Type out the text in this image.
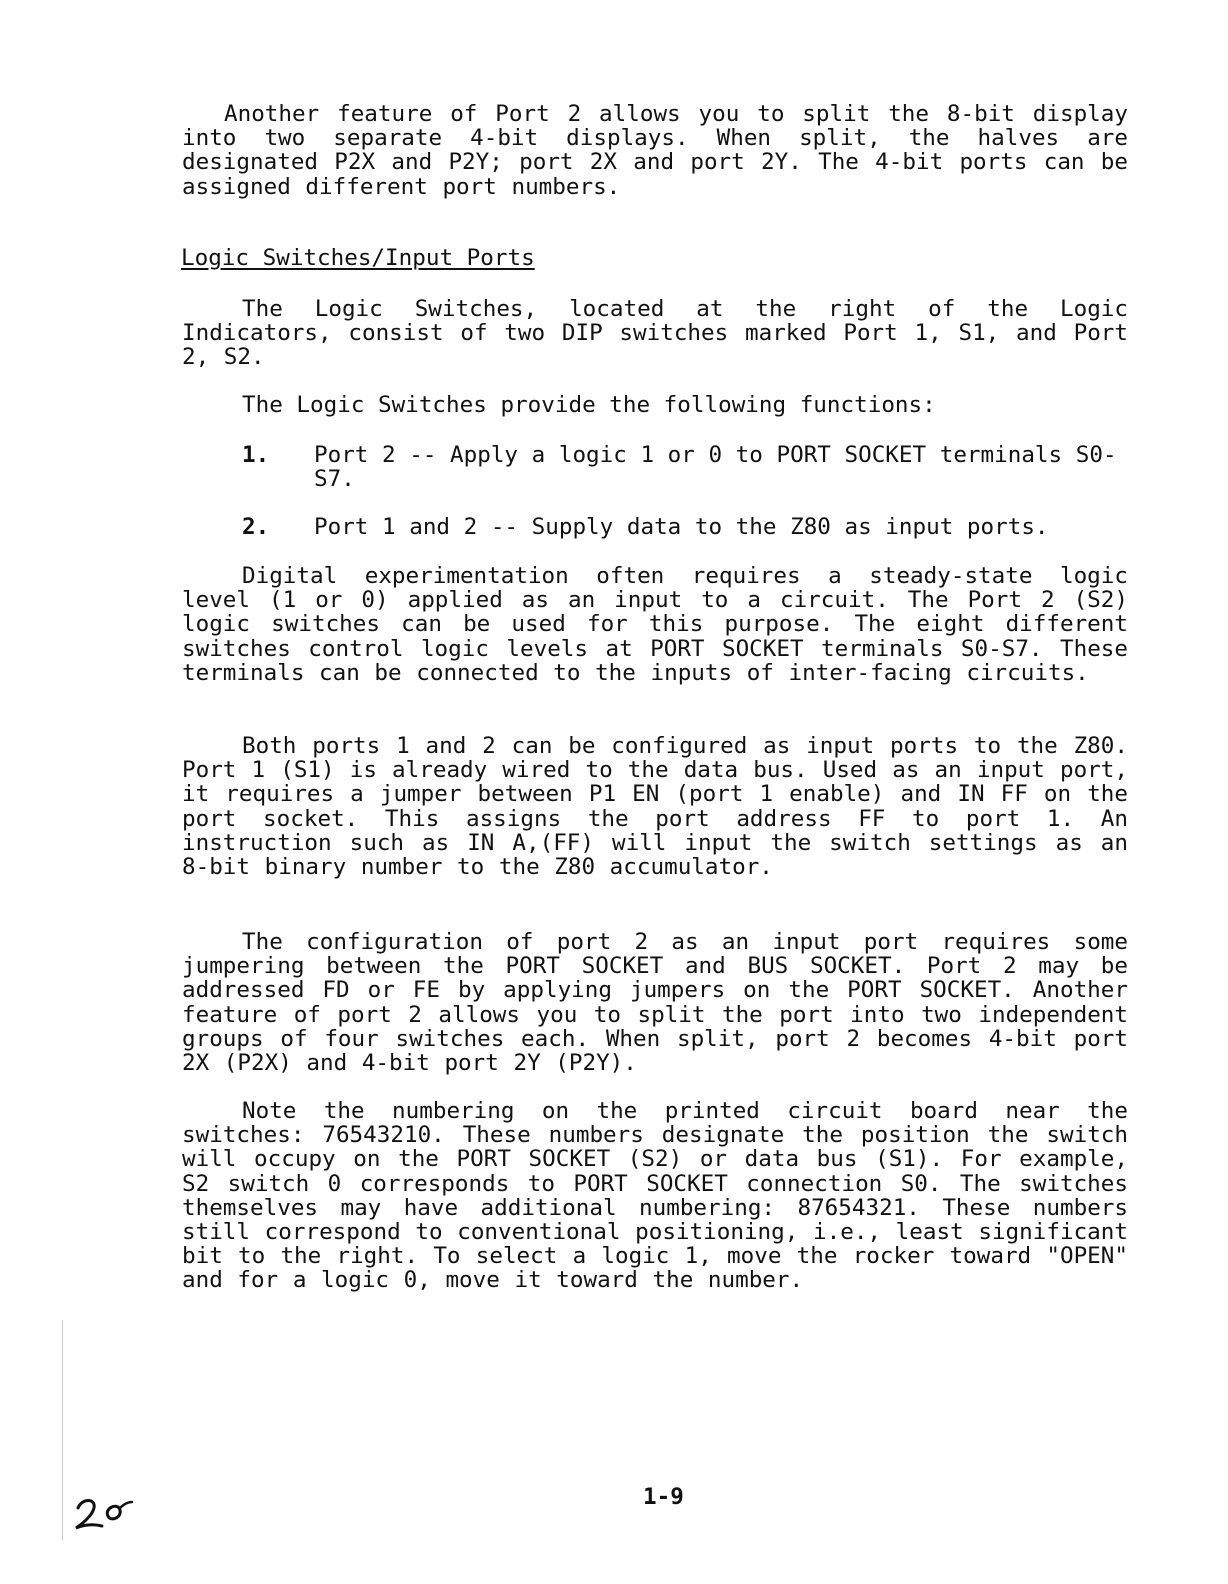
Another feature of Port 2 allows you to split the 8-bit display into two separate 4-bit displays. When split, the halves are designated P2X and P2Y; port 2X and port 2Y. The 4-bit ports can be assigned different port numbers.
Logic Switches/Input Ports
The Logic Switches, located at the right of the Logic Indicators, consist of two DIP switches marked Port 1, S1, and Port 2, S2.
The Logic Switches provide the following functions:
1. Port 2 -- Apply a logic 1 or 0 to PORT SOCKET terminals S0-S7.
2. Port 1 and 2 -- Supply data to the Z80 as input ports.
Digital experimentation often requires a steady-state logic level (1 or 0) applied as an input to a circuit. The Port 2 (S2) logic switches can be used for this purpose. The eight different switches control logic levels at PORT SOCKET terminals S0-S7. These terminals can be connected to the inputs of inter-facing circuits.
Both ports 1 and 2 can be configured as input ports to the Z80. Port 1 (S1) is already wired to the data bus. Used as an input port, it requires a jumper between P1 EN (port 1 enable) and IN FF on the port socket. This assigns the port address FF to port 1. An instruction such as IN A,(FF) will input the switch settings as an 8-bit binary number to the Z80 accumulator.
The configuration of port 2 as an input port requires some jumpering between the PORT SOCKET and BUS SOCKET. Port 2 may be addressed FD or FE by applying jumpers on the PORT SOCKET. Another feature of port 2 allows you to split the port into two independent groups of four switches each. When split, port 2 becomes 4-bit port 2X (P2X) and 4-bit port 2Y (P2Y).
Note the numbering on the printed circuit board near the switches: 76543210. These numbers designate the position the switch will occupy on the PORT SOCKET (S2) or data bus (S1). For example, S2 switch 0 corresponds to PORT SOCKET connection S0. The switches themselves may have additional numbering: 87654321. These numbers still correspond to conventional positioning, i.e., least significant bit to the right. To select a logic 1, move the rocker toward "OPEN" and for a logic 0, move it toward the number.
1-9
